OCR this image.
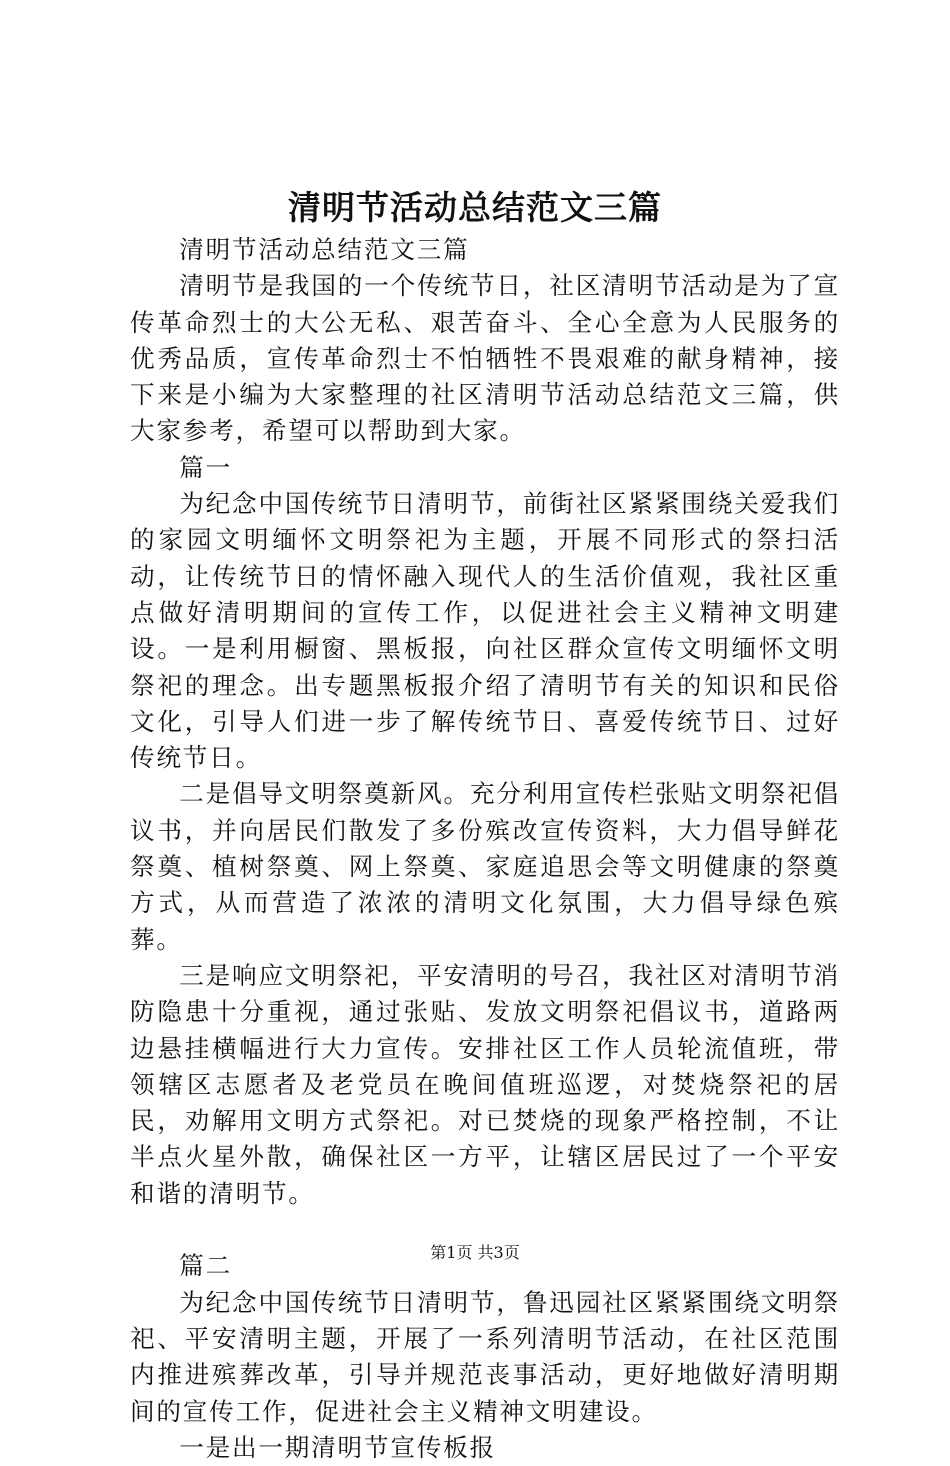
清明节活动总结范文三篇

清明节活动总结范文三篇

清明节是我国的一个传统节日，社区清明节活动是为了宣传革命烈士的大公无私、艰苦奋斗、全心全意为人民服务的优秀品质，宣传革命烈士不怕牺牲不畏艰难的献身精神，接下来是小编为大家整理的社区清明节活动总结范文三篇，供大家参考，希望可以帮助到大家。

篇一

为纪念中国传统节日清明节，前街社区紧紧围绕关爱我们的家园文明缅怀文明祭祀为主题，开展不同形式的祭扫活动，让传统节日的情怀融入现代人的生活价值观，我社区重点做好清明期间的宣传工作，以促进社会主义精神文明建设。一是利用橱窗、黑板报，向社区群众宣传文明缅怀文明祭祀的理念。出专题黑板报介绍了清明节有关的知识和民俗文化，引导人们进一步了解传统节日、喜爱传统节日、过好传统节日。

二是倡导文明祭奠新风。充分利用宣传栏张贴文明祭祀倡议书，并向居民们散发了多份殡改宣传资料，大力倡导鲜花祭奠、植树祭奠、网上祭奠、家庭追思会等文明健康的祭奠方式，从而营造了浓浓的清明文化氛围，大力倡导绿色殡葬。

三是响应文明祭祀，平安清明的号召，我社区对清明节消防隐患十分重视，通过张贴、发放文明祭祀倡议书，道路两边悬挂横幅进行大力宣传。安排社区工作人员轮流值班，带领辖区志愿者及老党员在晚间值班巡逻，对焚烧祭祀的居民，劝解用文明方式祭祀。对已焚烧的现象严格控制，不让半点火星外散，确保社区一方平，让辖区居民过了一个平安和谐的清明节。

篇二

为纪念中国传统节日清明节，鲁迅园社区紧紧围绕文明祭祀、平安清明主题，开展了一系列清明节活动，在社区范围内推进殡葬改革，引导并规范丧事活动，更好地做好清明期间的宣传工作，促进社会主义精神文明建设。

一是出一期清明节宣传板报

第1页 共3页
